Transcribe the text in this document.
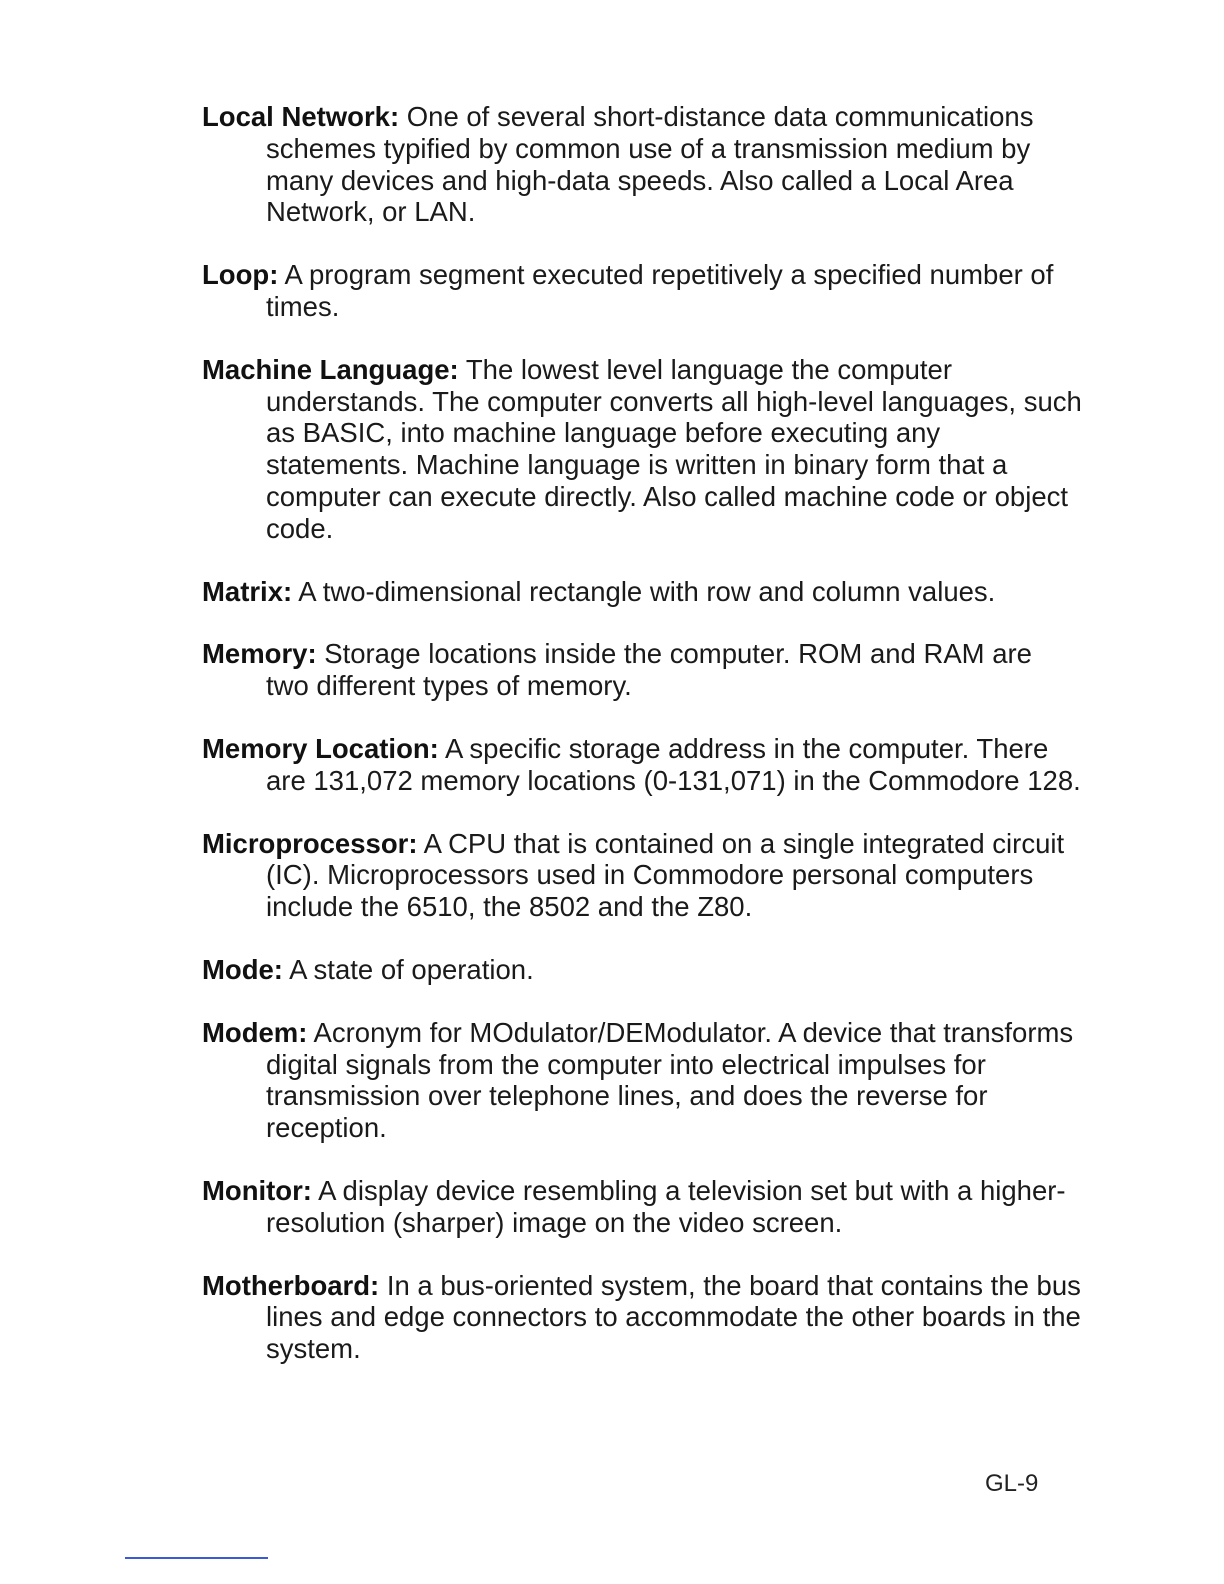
Local Network: One of several short-distance data communications schemes typified by common use of a transmission medium by many devices and high-data speeds. Also called a Local Area Network, or LAN.

Loop: A program segment executed repetitively a specified number of times.

Machine Language: The lowest level language the computer understands. The computer converts all high-level languages, such as BASIC, into machine language before executing any statements. Machine language is written in binary form that a computer can execute directly. Also called machine code or object code.

Matrix: A two-dimensional rectangle with row and column values.

Memory: Storage locations inside the computer. ROM and RAM are two different types of memory.

Memory Location: A specific storage address in the computer. There are 131,072 memory locations (0-131,071) in the Commodore 128.

Microprocessor: A CPU that is contained on a single integrated circuit (IC). Microprocessors used in Commodore personal computers include the 6510, the 8502 and the Z80.

Mode: A state of operation.

Modem: Acronym for MOdulator/DEModulator. A device that transforms digital signals from the computer into electrical impulses for transmission over telephone lines, and does the reverse for reception.

Monitor: A display device resembling a television set but with a higher-resolution (sharper) image on the video screen.

Motherboard: In a bus-oriented system, the board that contains the bus lines and edge connectors to accommodate the other boards in the system.

GL-9
